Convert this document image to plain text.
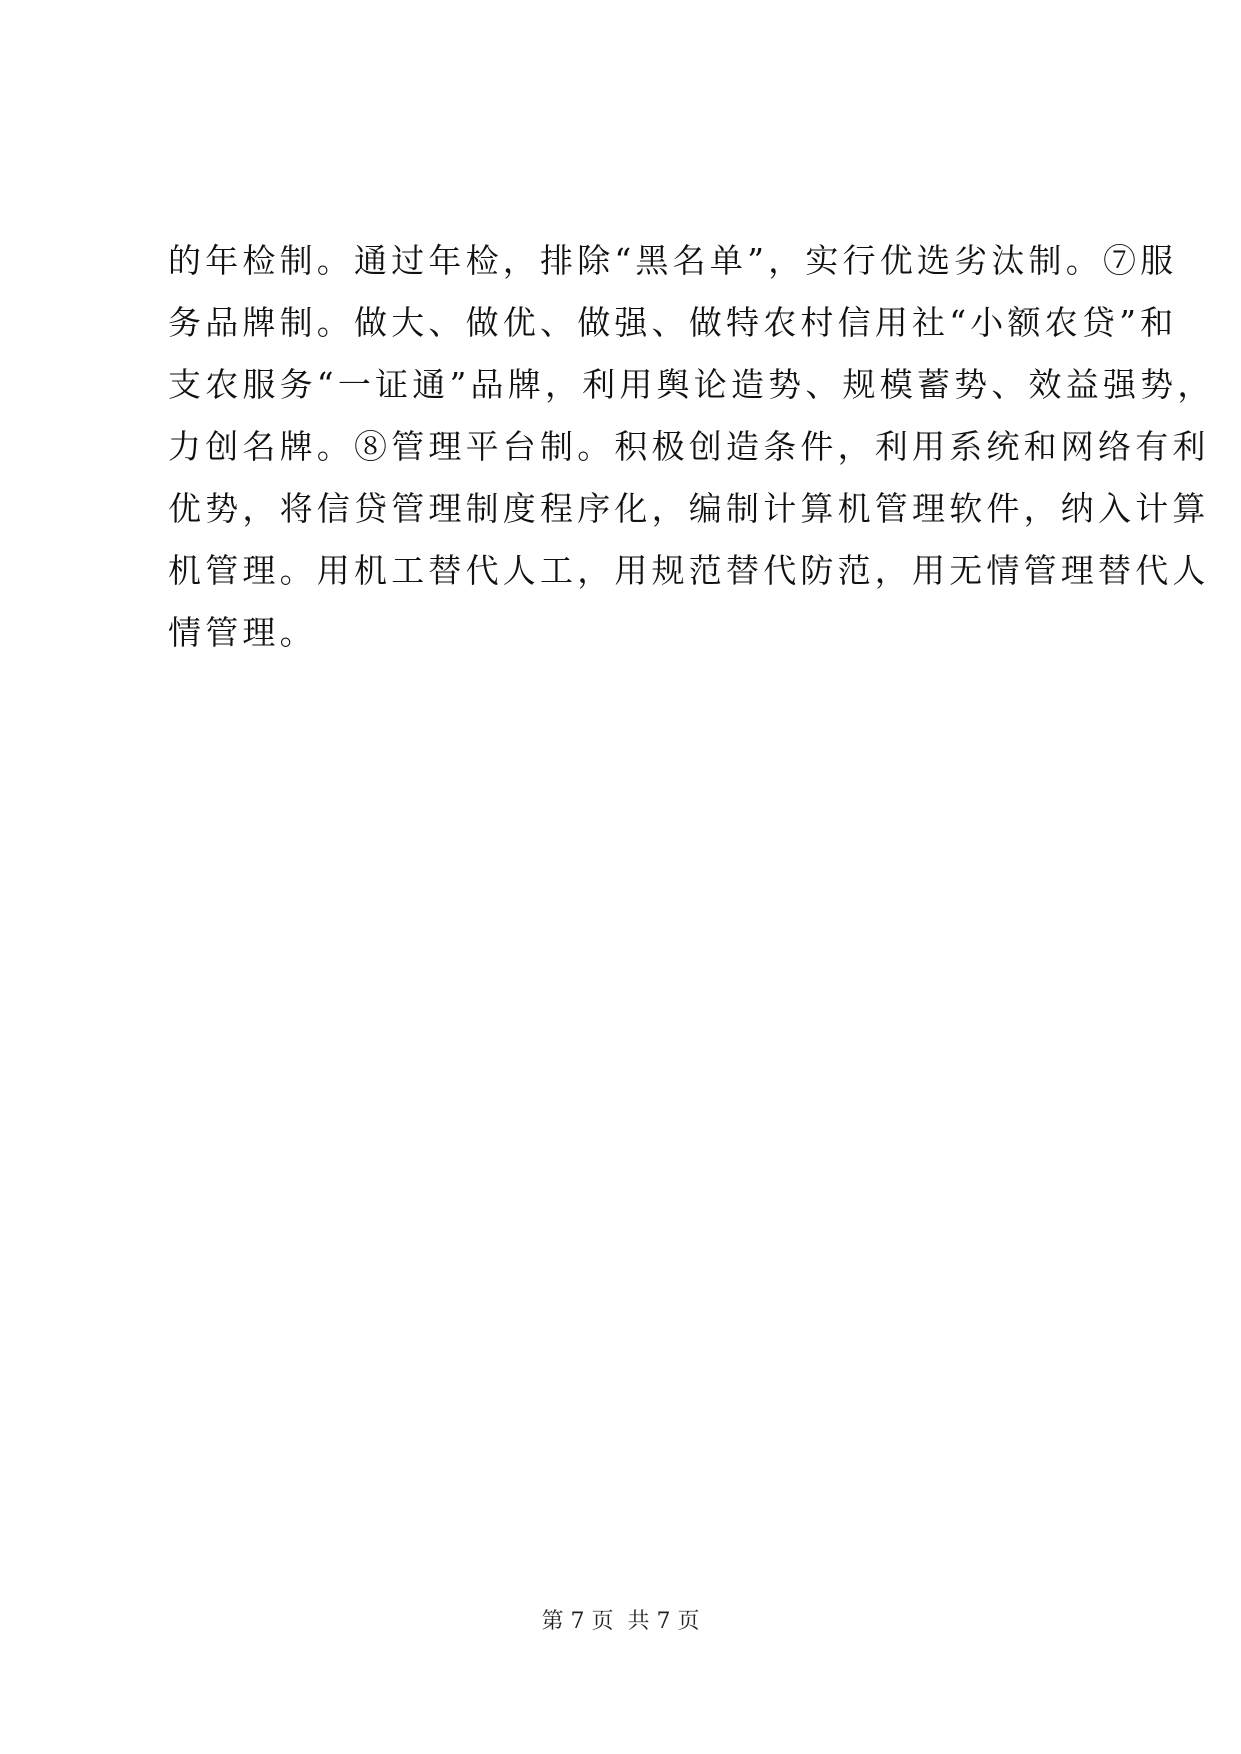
的年检制。通过年检，排除“黑名单”，实行优选劣汰制。⑦服
务品牌制。做大、做优、做强、做特农村信用社“小额农贷”和
支农服务“一证通”品牌，利用舆论造势、规模蓄势、效益强势，
力创名牌。⑧管理平台制。积极创造条件，利用系统和网络有利
优势，将信贷管理制度程序化，编制计算机管理软件，纳入计算
机管理。用机工替代人工，用规范替代防范，用无情管理替代人
情管理。
第 7 页  共 7 页
